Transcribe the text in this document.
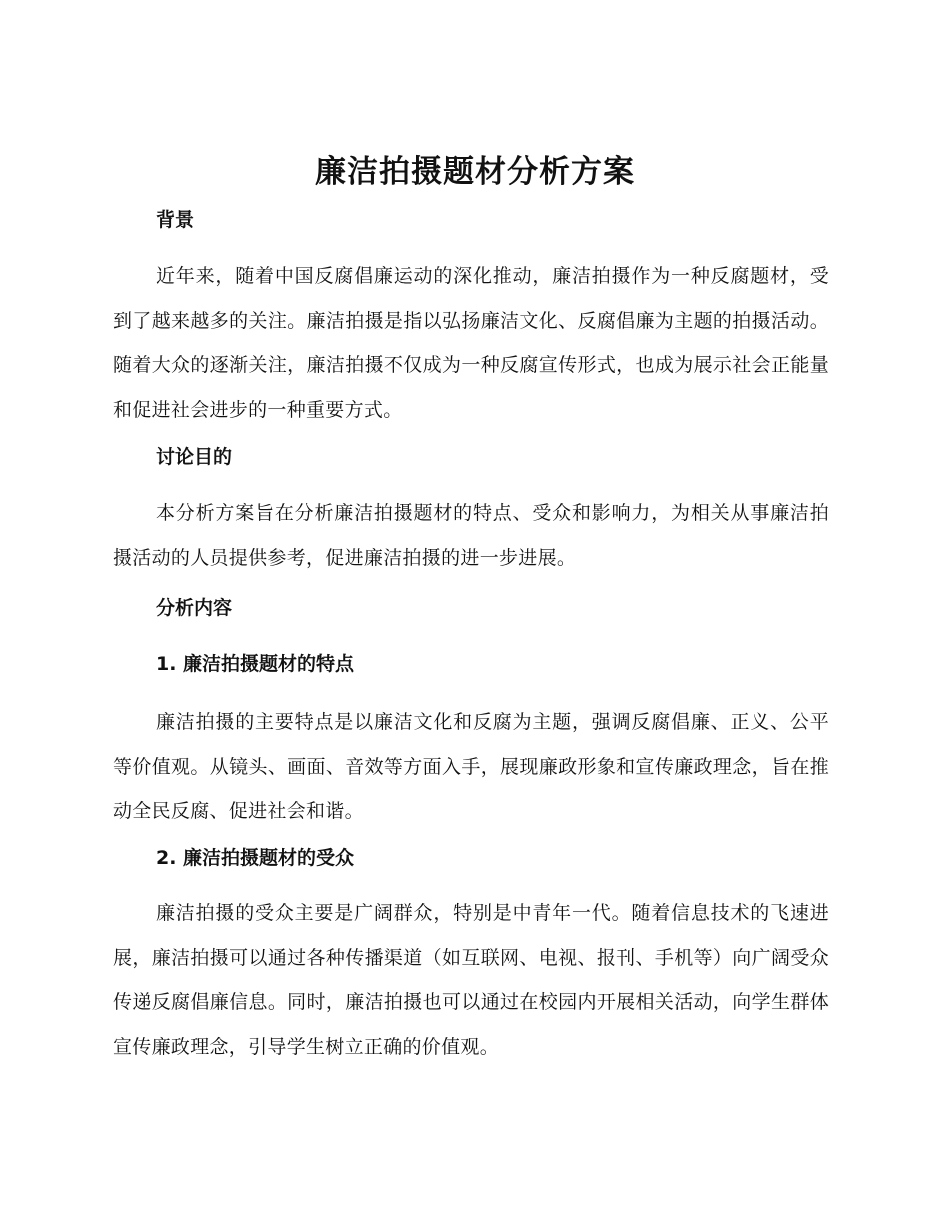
廉洁拍摄题材分析方案
背景

近年来，随着中国反腐倡廉运动的深化推动，廉洁拍摄作为一种反腐题材，受到了越来越多的关注。廉洁拍摄是指以弘扬廉洁文化、反腐倡廉为主题的拍摄活动。随着大众的逐渐关注，廉洁拍摄不仅成为一种反腐宣传形式，也成为展示社会正能量和促进社会进步的一种重要方式。

讨论目的

本分析方案旨在分析廉洁拍摄题材的特点、受众和影响力，为相关从事廉洁拍摄活动的人员提供参考，促进廉洁拍摄的进一步进展。

分析内容
1. 廉洁拍摄题材的特点

廉洁拍摄的主要特点是以廉洁文化和反腐为主题，强调反腐倡廉、正义、公平等价值观。从镜头、画面、音效等方面入手，展现廉政形象和宣传廉政理念，旨在推动全民反腐、促进社会和谐。

2. 廉洁拍摄题材的受众

廉洁拍摄的受众主要是广阔群众，特别是中青年一代。随着信息技术的飞速进展，廉洁拍摄可以通过各种传播渠道（如互联网、电视、报刊、手机等）向广阔受众传递反腐倡廉信息。同时，廉洁拍摄也可以通过在校园内开展相关活动，向学生群体宣传廉政理念，引导学生树立正确的价值观。
